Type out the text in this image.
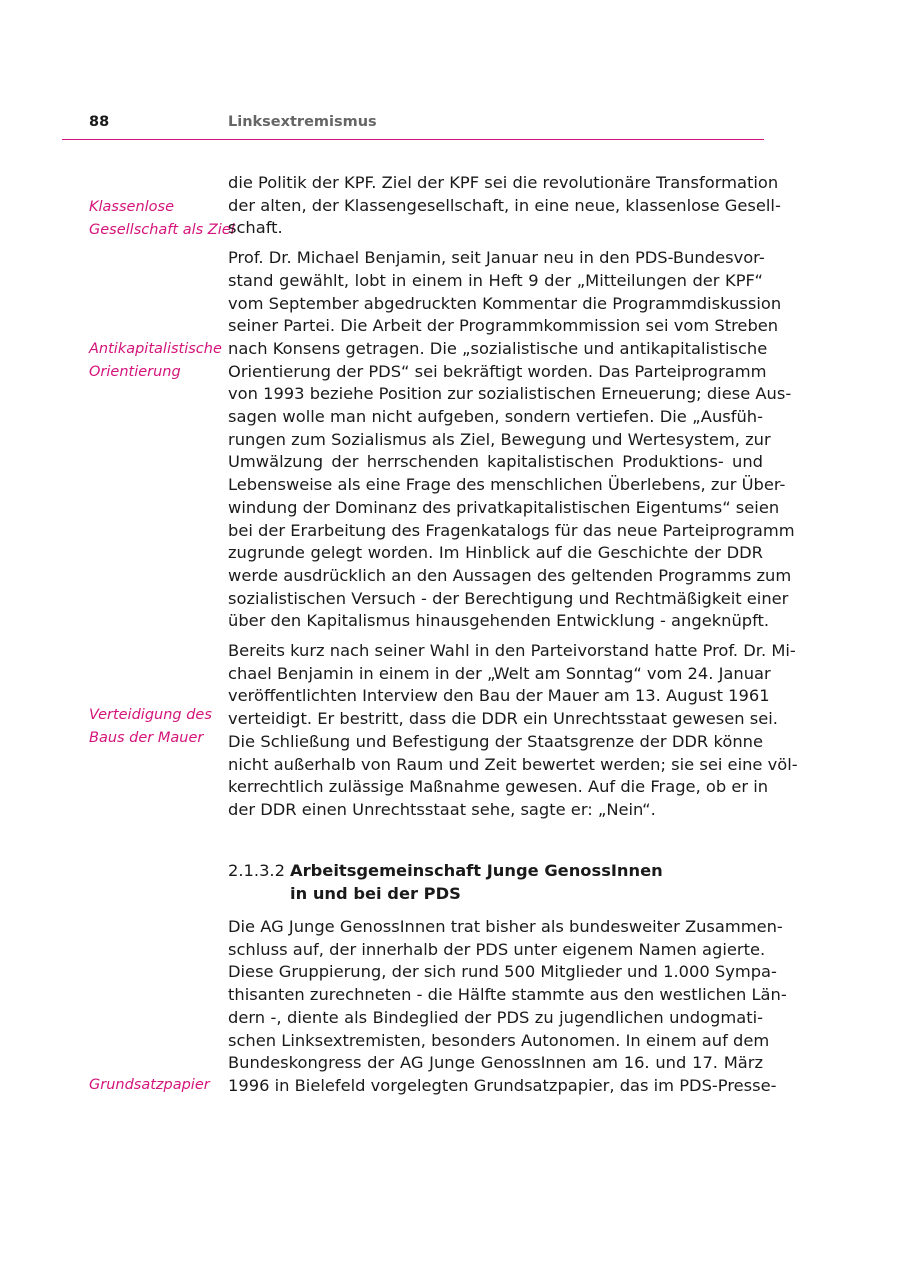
88	Linksextremismus
Klassenlose
Gesellschaft als Ziel
Antikapitalistische
Orientierung
Verteidigung des
Baus der Mauer
Grundsatzpapier
die Politik der KPF. Ziel der KPF sei die revolutionäre Transformation
der alten, der Klassengesellschaft, in eine neue, klassenlose Gesell-
schaft.
Prof. Dr. Michael Benjamin, seit Januar neu in den PDS-Bundesvor-
stand gewählt, lobt in einem in Heft 9 der „Mitteilungen der KPF“
vom September abgedruckten Kommentar die Programmdiskussion
seiner Partei. Die Arbeit der Programmkommission sei vom Streben
nach Konsens getragen. Die „sozialistische und antikapitalistische
Orientierung der PDS“ sei bekräftigt worden. Das Parteiprogramm
von 1993 beziehe Position zur sozialistischen Erneuerung; diese Aus-
sagen wolle man nicht aufgeben, sondern vertiefen. Die „Ausfüh-
rungen zum Sozialismus als Ziel, Bewegung und Wertesystem, zur
Umwälzung der herrschenden kapitalistischen Produktions- und
Lebensweise als eine Frage des menschlichen Überlebens, zur Über-
windung der Dominanz des privatkapitalistischen Eigentums“ seien
bei der Erarbeitung des Fragenkatalogs für das neue Parteiprogramm
zugrunde gelegt worden. Im Hinblick auf die Geschichte der DDR
werde ausdrücklich an den Aussagen des geltenden Programms zum
sozialistischen Versuch - der Berechtigung und Rechtmäßigkeit einer
über den Kapitalismus hinausgehenden Entwicklung - angeknüpft.
Bereits kurz nach seiner Wahl in den Parteivorstand hatte Prof. Dr. Mi-
chael Benjamin in einem in der „Welt am Sonntag“ vom 24. Januar
veröffentlichten Interview den Bau der Mauer am 13. August 1961
verteidigt. Er bestritt, dass die DDR ein Unrechtsstaat gewesen sei.
Die Schließung und Befestigung der Staatsgrenze der DDR könne
nicht außerhalb von Raum und Zeit bewertet werden; sie sei eine völ-
kerrechtlich zulässige Maßnahme gewesen. Auf die Frage, ob er in
der DDR einen Unrechtsstaat sehe, sagte er: „Nein“.
2.1.3.2 Arbeitsgemeinschaft Junge GenossInnen
in und bei der PDS
Die AG Junge GenossInnen trat bisher als bundesweiter Zusammen-
schluss auf, der innerhalb der PDS unter eigenem Namen agierte.
Diese Gruppierung, der sich rund 500 Mitglieder und 1.000 Sympa-
thisanten zurechneten - die Hälfte stammte aus den westlichen Län-
dern -, diente als Bindeglied der PDS zu jugendlichen undogmati-
schen Linksextremisten, besonders Autonomen. In einem auf dem
Bundeskongress der AG Junge GenossInnen am 16. und 17. März
1996 in Bielefeld vorgelegten Grundsatzpapier, das im PDS-Presse-
